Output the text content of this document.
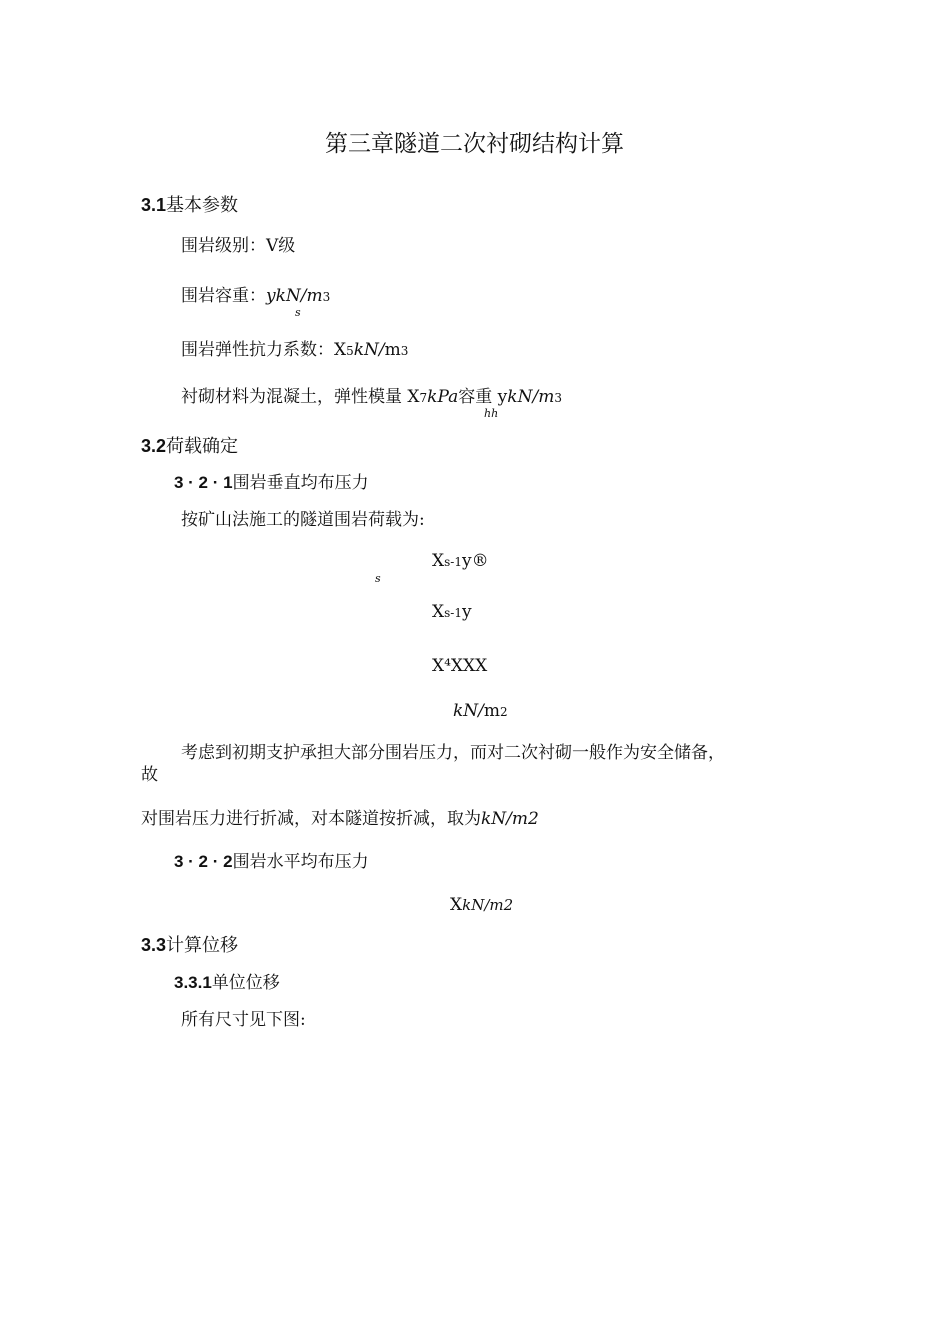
第三章隧道二次衬砌结构计算
3.1基本参数
围岩级别：Ⅴ级
围岩容重：ykN/m3
s
围岩弹性抗力系数：X5kN/m3
衬砌材料为混凝土，弹性模量 X7kPa容重 ykN/m3
hh
3.2荷载确定
3 · 2 · 1围岩垂直均布压力
按矿山法施工的隧道围岩荷载为:
s
Xs-1y®
Xs-1y
X⁴XXX
kN/m2
考虑到初期支护承担大部分围岩压力，而对二次衬砌一般作为安全储备，
故
对围岩压力进行折减，对本隧道按折减，取为kN/m2
3 · 2 · 2围岩水平均布压力
XkN/m2
3.3计算位移
3.3.1单位位移
所有尺寸见下图:
